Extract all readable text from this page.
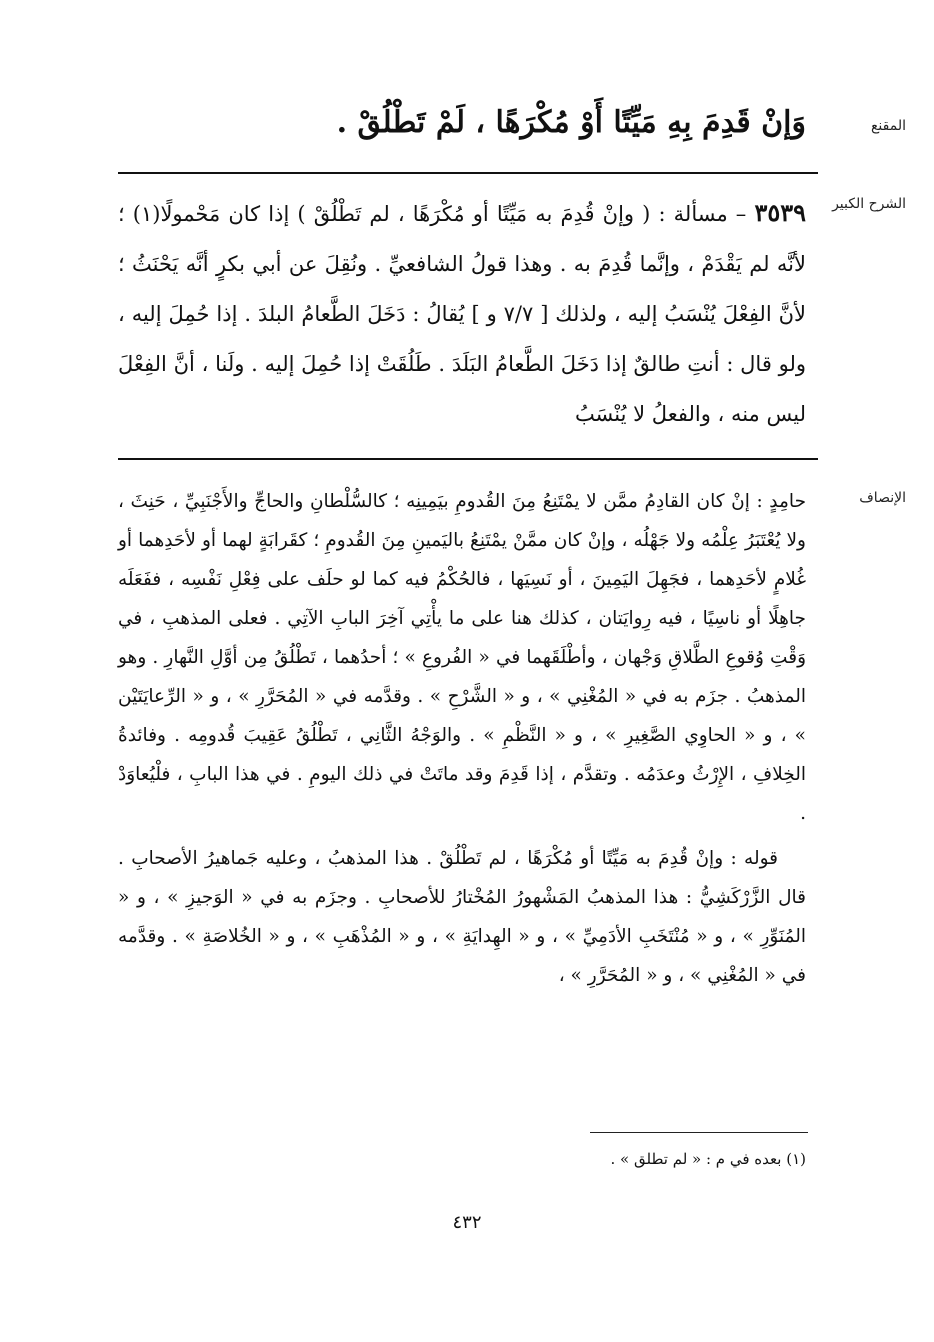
المقنع
وَإنْ قَدِمَ بِهِ مَيِّتًا أَوْ مُكْرَهًا ، لَمْ تَطْلُقْ .
الشرح الكبير
٣٥٣٩ – مسألة : ( وإنْ قُدِمَ به مَيِّتًا أو مُكْرَهًا ، لم تَطْلُقْ ) إذا كان مَحْمولًا(١) ؛ لأنَّه لم يَقْدَمْ ، وإنَّما قُدِمَ به . وهذا قولُ الشافعيِّ . ونُقِلَ عن أبي بكرٍ أنَّه يَحْنَثُ ؛ لأنَّ الفِعْلَ يُنْسَبُ إليه ، ولذلك [ ٧/٧ و ] يُقالُ : دَخَلَ الطَّعامُ البلدَ . إذا حُمِلَ إليه ، ولو قال : أنتِ طالقٌ إذا دَخَلَ الطَّعامُ البَلَدَ . طَلُقَتْ إذا حُمِلَ إليه . ولَنا ، أنَّ الفِعْلَ ليس منه ، والفعلُ لا يُنْسَبُ
الإنصاف

حامِدٍ : إنْ كان القادِمُ ممَّن لا يمْتَنِعُ مِنَ القُدومِ بيَمِينِه ؛ كالسُّلْطانِ والحاجِّ والأَجْنَبِيِّ ، حَنِثَ ، ولا يُعْتَبَرُ عِلْمُه ولا جَهْلُه ، وإنْ كان ممَّنْ يمْتَنِعُ باليَمينِ مِنَ القُدومِ ؛ كقَرابَةٍ لهما أو لأحَدِهما أو غُلامٍ لأحَدِهما ، فجَهِلَ اليَمِينَ ، أو نَسِيَها ، فالحُكْمُ فيه كما لو حلَف على فِعْلِ نَفْسِه ، ففَعَلَه جاهِلًا أو ناسِيًا ، فيه رِوايَتان ، كذلك هنا على ما يأْتِي آخِرَ البابِ الآتِي . فعلى المذهبِ ، في وَقْتِ وُقوعِ الطَّلاقِ وَجْهان ، وأطْلَقَهما في « الفُروعِ » ؛ أحدُهما ، تَطْلُقُ مِن أوَّلِ النَّهارِ . وهو المذهبُ . جزَم به في « المُغْنِي » ، و « الشَّرْحِ » . وقدَّمه في « المُحَرَّرِ » ، و « الرِّعايَتَيْن » ، و « الحاوِي الصَّغِيرِ » ، و « النَّظْمِ » . والوَجْهُ الثَّانِي ، تَطْلُقُ عَقِيبَ قُدومِه . وفائدةُ الخِلافِ ، الإِرْثُ وعدَمُه . وتقدَّم ، إذا قَدِمَ وقد ماتَتْ في ذلك اليومِ . في هذا البابِ ، فلْيُعاوَدْ .

قوله : وإنْ قُدِمَ به مَيِّتًا أو مُكْرَهًا ، لم تَطْلُقْ . هذا المذهبُ ، وعليه جَماهيرُ الأصحابِ . قال الزَّرْكَشِيُّ : هذا المذهبُ المَشْهورُ المُخْتارُ للأصحابِ . وجزَم به في « الوَجيزِ » ، و « المُنَوِّرِ » ، و « مُنْتَخَبِ الأدَمِيِّ » ، و « الهِدايَةِ » ، و « المُذْهَبِ » ، و « الخُلاصَةِ » . وقدَّمه في « المُغْنِي » ، و « المُحَرَّرِ » ،

(١) بعده في م : « لم تطلق » .
٤٣٢
